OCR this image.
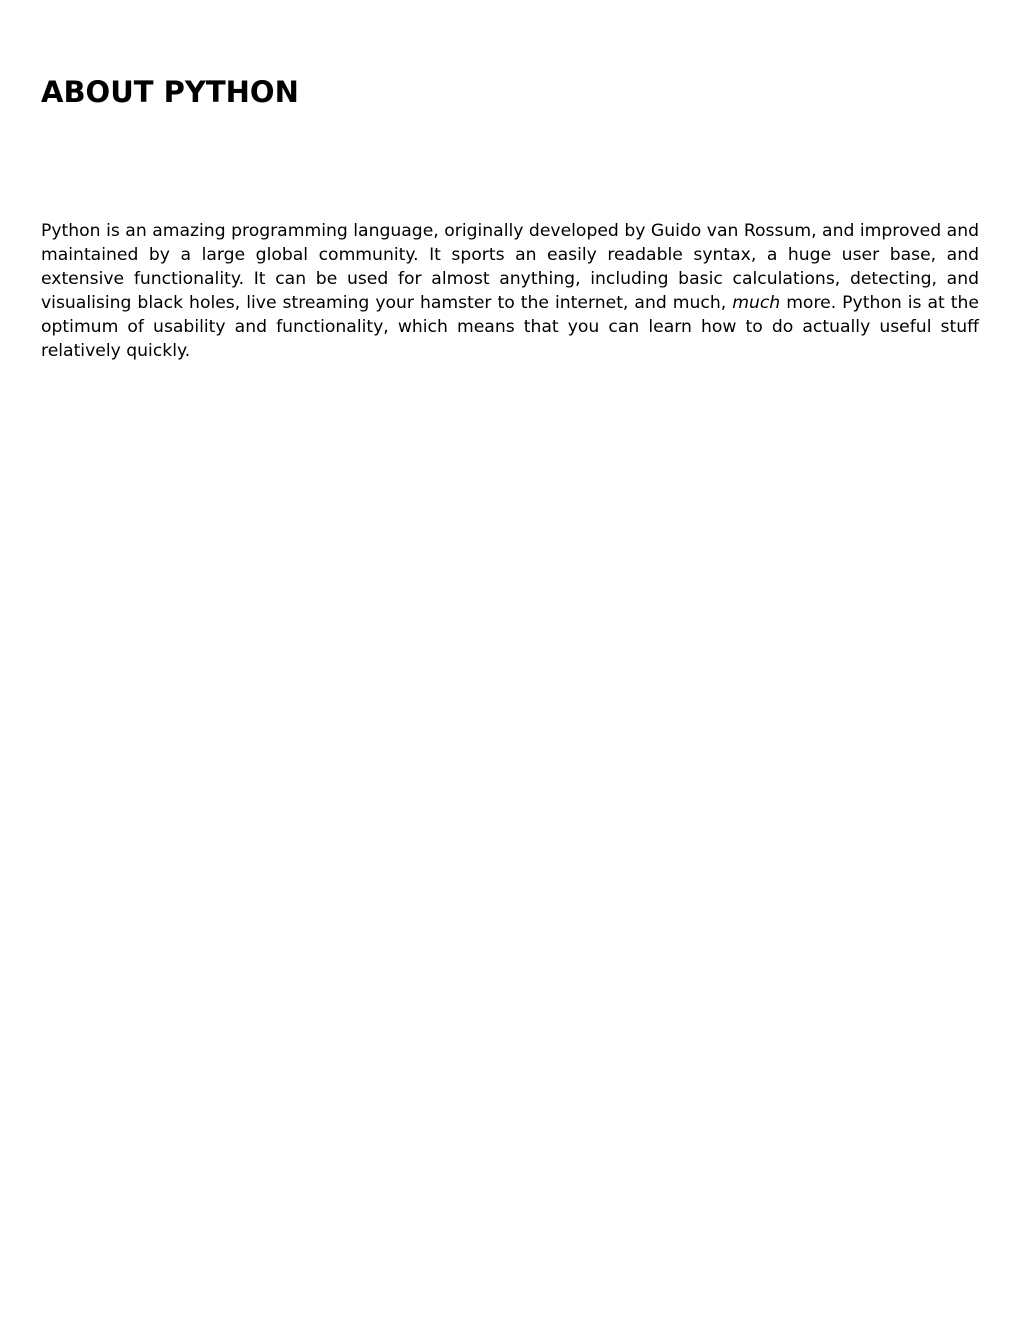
ABOUT PYTHON

Python is an amazing programming language, originally developed by Guido van Rossum, and improved and maintained by a large global community. It sports an easily readable syntax, a huge user base, and extensive functionality. It can be used for almost anything, including basic calculations, detecting, and visualising black holes, live streaming your hamster to the internet, and much, much more. Python is at the optimum of usability and functionality, which means that you can learn how to do actually useful stuff relatively quickly.
